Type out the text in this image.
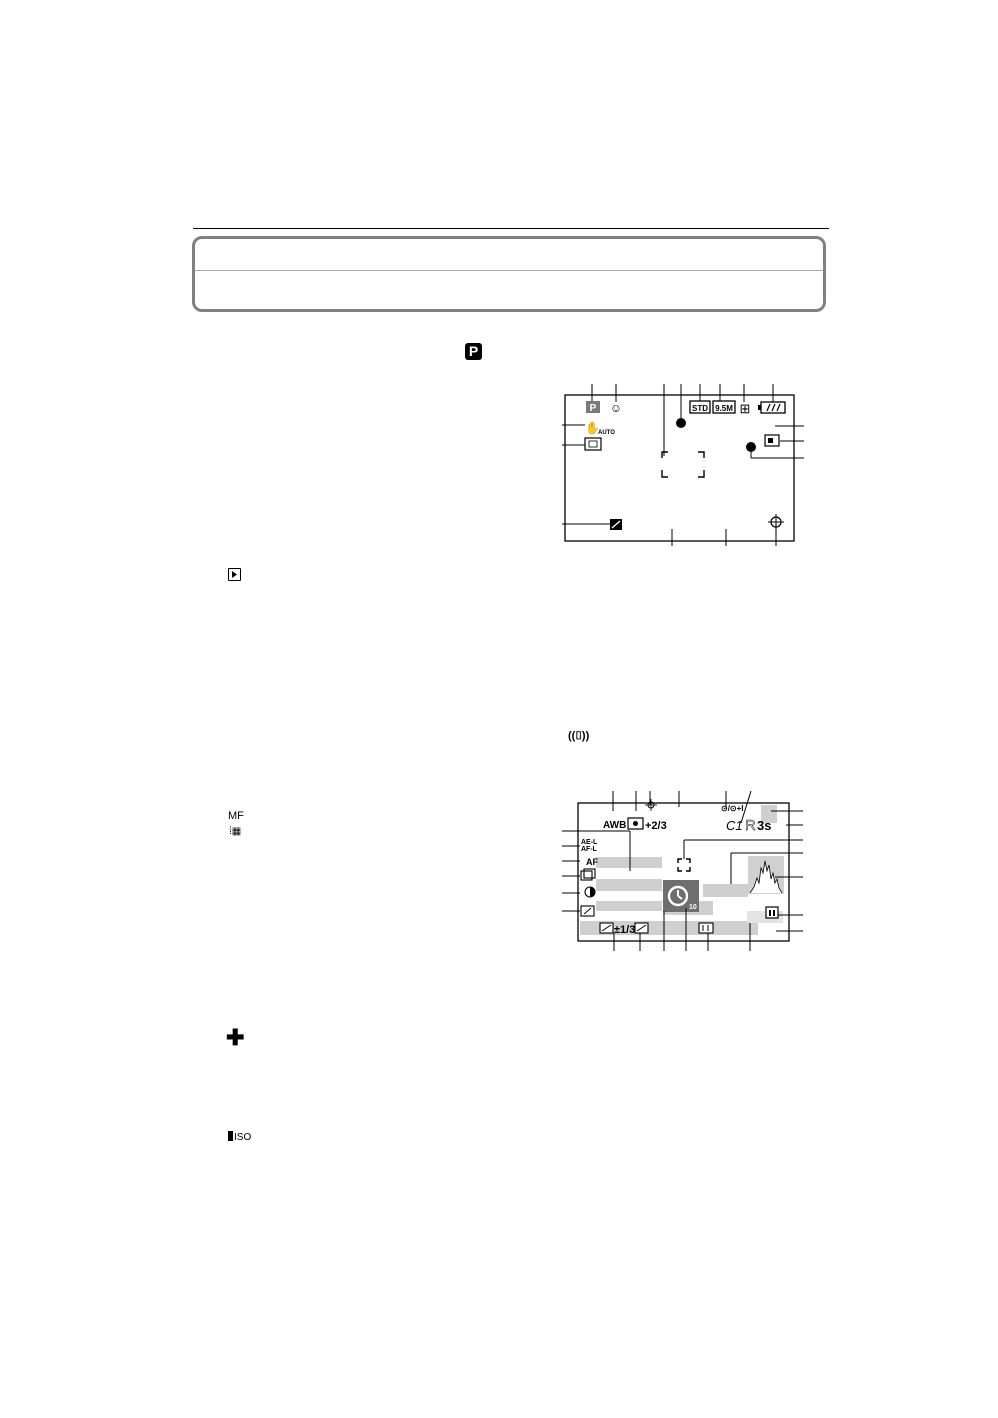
P
((⌷))
MF
⁞▦
✚
ISO
P ☺	STD 9.5M ⊞
✋
AUTO
10
AWB +2/3
⊙/⊙+I
C1 R 3s
AE-L
AF-L
AF
±1/3
